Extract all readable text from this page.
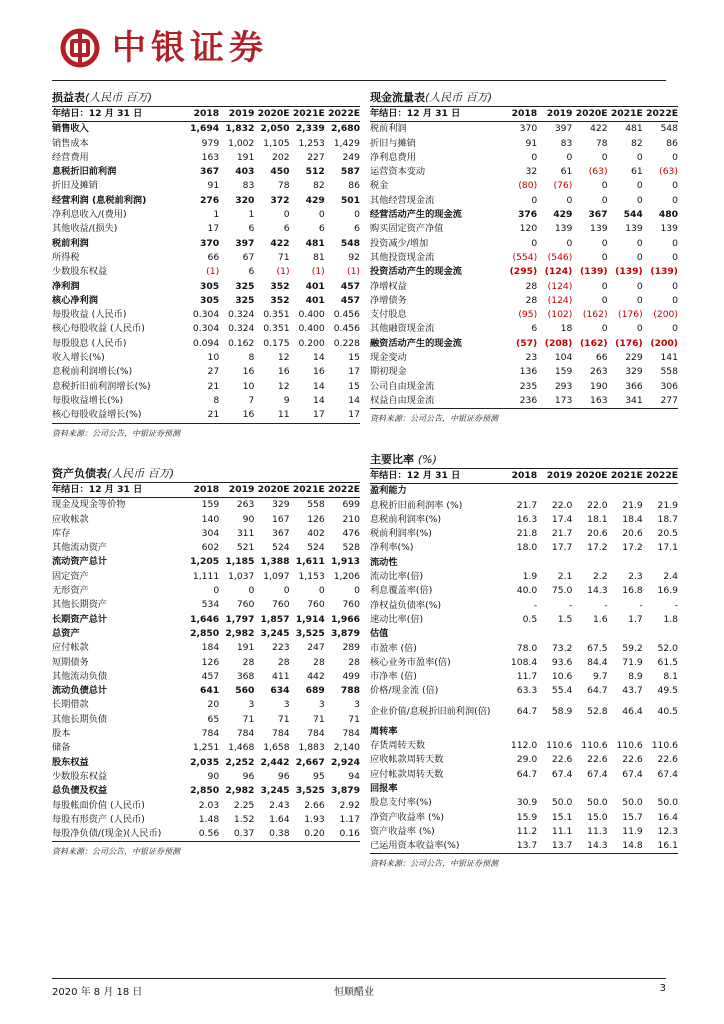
中银证券
损益表(人民币 百万)
年结日：12 月 31 日	2018	2019	2020E	2021E	2022E
销售收入	1,694	1,832	2,050	2,339	2,680
销售成本	979	1,002	1,105	1,253	1,429
经营费用	163	191	202	227	249
息税折旧前利润	367	403	450	512	587
折旧及摊销	91	83	78	82	86
经营利润 (息税前利润)	276	320	372	429	501
净利息收入/(费用)	1	1	0	0	0
其他收益/(损失)	17	6	6	6	6
税前利润	370	397	422	481	548
所得税	66	67	71	81	92
少数股东权益	(1)	6	(1)	(1)	(1)
净利润	305	325	352	401	457
核心净利润	305	325	352	401	457
每股收益 (人民币)	0.304	0.324	0.351	0.400	0.456
核心每股收益 (人民币)	0.304	0.324	0.351	0.400	0.456
每股股息 (人民币)	0.094	0.162	0.175	0.200	0.228
收入增长(%)	10	8	12	14	15
息税前利润增长(%)	27	16	16	16	17
息税折旧前利润增长(%)	21	10	12	14	15
每股收益增长(%)	8	7	9	14	14
核心每股收益增长(%)	21	16	11	17	17
资料来源：公司公告，中银证券预测
现金流量表(人民币 百万)
年结日：12 月 31 日	2018	2019	2020E	2021E	2022E
税前利润	370	397	422	481	548
折旧与摊销	91	83	78	82	86
净利息费用	0	0	0	0	0
运营资本变动	32	61	(63)	61	(63)
税金	(80)	(76)	0	0	0
其他经营现金流	0	0	0	0	0
经营活动产生的现金流	376	429	367	544	480
购买固定资产净值	120	139	139	139	139
投资减少/增加	0	0	0	0	0
其他投资现金流	(554)	(546)	0	0	0
投资活动产生的现金流	(295)	(124)	(139)	(139)	(139)
净增权益	28	(124)	0	0	0
净增债务	28	(124)	0	0	0
支付股息	(95)	(102)	(162)	(176)	(200)
其他融资现金流	6	18	0	0	0
融资活动产生的现金流	(57)	(208)	(162)	(176)	(200)
现金变动	23	104	66	229	141
期初现金	136	159	263	329	558
公司自由现金流	235	293	190	366	306
权益自由现金流	236	173	163	341	277
资料来源：公司公告，中银证券预测
资产负债表(人民币 百万)
年结日：12 月 31 日	2018	2019	2020E	2021E	2022E
现金及现金等价物	159	263	329	558	699
应收帐款	140	90	167	126	210
库存	304	311	367	402	476
其他流动资产	602	521	524	524	528
流动资产总计	1,205	1,185	1,388	1,611	1,913
固定资产	1,111	1,037	1,097	1,153	1,206
无形资产	0	0	0	0	0
其他长期资产	534	760	760	760	760
长期资产总计	1,646	1,797	1,857	1,914	1,966
总资产	2,850	2,982	3,245	3,525	3,879
应付帐款	184	191	223	247	289
短期债务	126	28	28	28	28
其他流动负债	457	368	411	442	499
流动负债总计	641	560	634	689	788
长期借款	20	3	3	3	3
其他长期负债	65	71	71	71	71
股本	784	784	784	784	784
储备	1,251	1,468	1,658	1,883	2,140
股东权益	2,035	2,252	2,442	2,667	2,924
少数股东权益	90	96	96	95	94
总负债及权益	2,850	2,982	3,245	3,525	3,879
每股帐面价值 (人民币)	2.03	2.25	2.43	2.66	2.92
每股有形资产 (人民币)	1.48	1.52	1.64	1.93	1.17
每股净负债/(现金)(人民币)	0.56	0.37	0.38	0.20	0.16
资料来源：公司公告，中银证券预测
主要比率 (%)
年结日：12 月 31 日	2018	2019	2020E	2021E	2022E
盈利能力					
息税折旧前利润率 (%)	21.7	22.0	22.0	21.9	21.9
息税前利润率(%)	16.3	17.4	18.1	18.4	18.7
税前利润率(%)	21.8	21.7	20.6	20.6	20.5
净利率(%)	18.0	17.7	17.2	17.2	17.1
流动性					
流动比率(倍)	1.9	2.1	2.2	2.3	2.4
利息覆盖率(倍)	40.0	75.0	14.3	16.8	16.9
净权益负债率(%)	-	-	-	-	-
速动比率(倍)	0.5	1.5	1.6	1.7	1.8
估值					
市盈率 (倍)	78.0	73.2	67.5	59.2	52.0
核心业务市盈率(倍)	108.4	93.6	84.4	71.9	61.5
市净率 (倍)	11.7	10.6	9.7	8.9	8.1
价格/现金流 (倍)	63.3	55.4	64.7	43.7	49.5
企业价值/息税折旧前利润(倍)	64.7	58.9	52.8	46.4	40.5
周转率					
存货周转天数	112.0	110.6	110.6	110.6	110.6
应收帐款周转天数	29.0	22.6	22.6	22.6	22.6
应付帐款周转天数	64.7	67.4	67.4	67.4	67.4
回报率					
股息支付率(%)	30.9	50.0	50.0	50.0	50.0
净资产收益率 (%)	15.9	15.1	15.0	15.7	16.4
资产收益率 (%)	11.2	11.1	11.3	11.9	12.3
已运用资本收益率(%)	13.7	13.7	14.3	14.8	16.1
资料来源：公司公告，中银证券预测
2020 年 8 月 18 日	恒顺醋业	3
